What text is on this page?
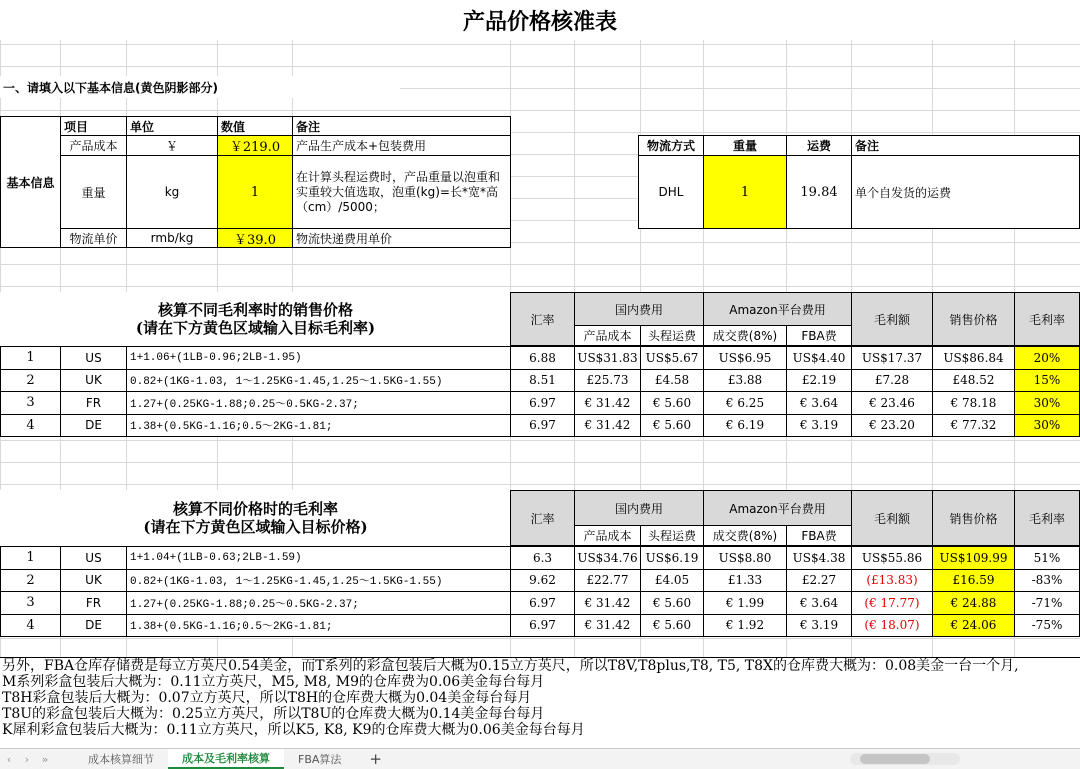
产品价格核准表
一、请填入以下基本信息(黄色阴影部分)
基本信息
项目	单位	数值	备注
产品成本	￥	￥219.0	产品生产成本+包装费用
重量	kg	1
在计算头程运费时，产品重量以泡重和实重较大值选取，泡重(kg)=长*宽*高（cm）/5000；
物流单价	rmb/kg	￥39.0	物流快递费用单价
物流方式	重量	运费	备注
DHL	1	19.84	单个自发货的运费
核算不同毛利率时的销售价格
(请在下方黄色区域输入目标毛利率)	汇率
国内费用	Amazon平台费用
毛利额	销售价格	毛利率
产品成本	头程运费	成交费(8%)	FBA费
1	US	1+1.06+(1LB-0.96;2LB-1.95)	6.88	US$31.83 US$5.67	US$6.95	US$4.40	US$17.37	US$86.84	20%
2	UK	0.82+(1KG-1.03, 1～1.25KG-1.45,1.25～1.5KG-1.55)	8.51	£25.73	£4.58	£3.88	£2.19	£7.28	£48.52	15%
3	FR	1.27+(0.25KG-1.88;0.25～0.5KG-2.37;	6.97	€ 31.42	€ 5.60	€ 6.25	€ 3.64	€ 23.46	€ 78.18	30%
4	DE	1.38+(0.5KG-1.16;0.5～2KG-1.81;	6.97	€ 31.42	€ 5.60	€ 6.19	€ 3.19	€ 23.20	€ 77.32	30%
核算不同价格时的毛利率
(请在下方黄色区域输入目标价格)	汇率
国内费用	Amazon平台费用
毛利额	销售价格	毛利率
产品成本	头程运费	成交费(8%)	FBA费
1	US	1+1.04+(1LB-0.63;2LB-1.59)	6.3	US$34.76 US$6.19	US$8.80	US$4.38	US$55.86	US$109.99	51%
2	UK	0.82+(1KG-1.03, 1～1.25KG-1.45,1.25～1.5KG-1.55)	9.62	£22.77	£4.05	£1.33	£2.27	(£13.83)	£16.59	-83%
3	FR	1.27+(0.25KG-1.88;0.25～0.5KG-2.37;	6.97	€ 31.42	€ 5.60	€ 1.99	€ 3.64	(€ 17.77)	€ 24.88	-71%
4	DE	1.38+(0.5KG-1.16;0.5～2KG-1.81;	6.97	€ 31.42	€ 5.60	€ 1.92	€ 3.19	(€ 18.07)	€ 24.06	-75%
另外，FBA仓库存储费是每立方英尺0.54美金，而T系列的彩盒包装后大概为0.15立方英尺，所以T8V,T8plus,T8, T5, T8X的仓库费大概为：0.08美金一台一个月,
M系列彩盒包装后大概为：0.11立方英尺，M5, M8, M9的仓库费为0.06美金每台每月
T8H彩盒包装后大概为：0.07立方英尺，所以T8H的仓库费大概为0.04美金每台每月
T8U的彩盒包装后大概为：0.25立方英尺，所以T8U的仓库费大概为0.14美金每台每月
K犀利彩盒包装后大概为：0.11立方英尺，所以K5, K8, K9的仓库费大概为0.06美金每台每月
‹	›	»	成本核算细节	成本及毛利率核算	FBA算法	+
